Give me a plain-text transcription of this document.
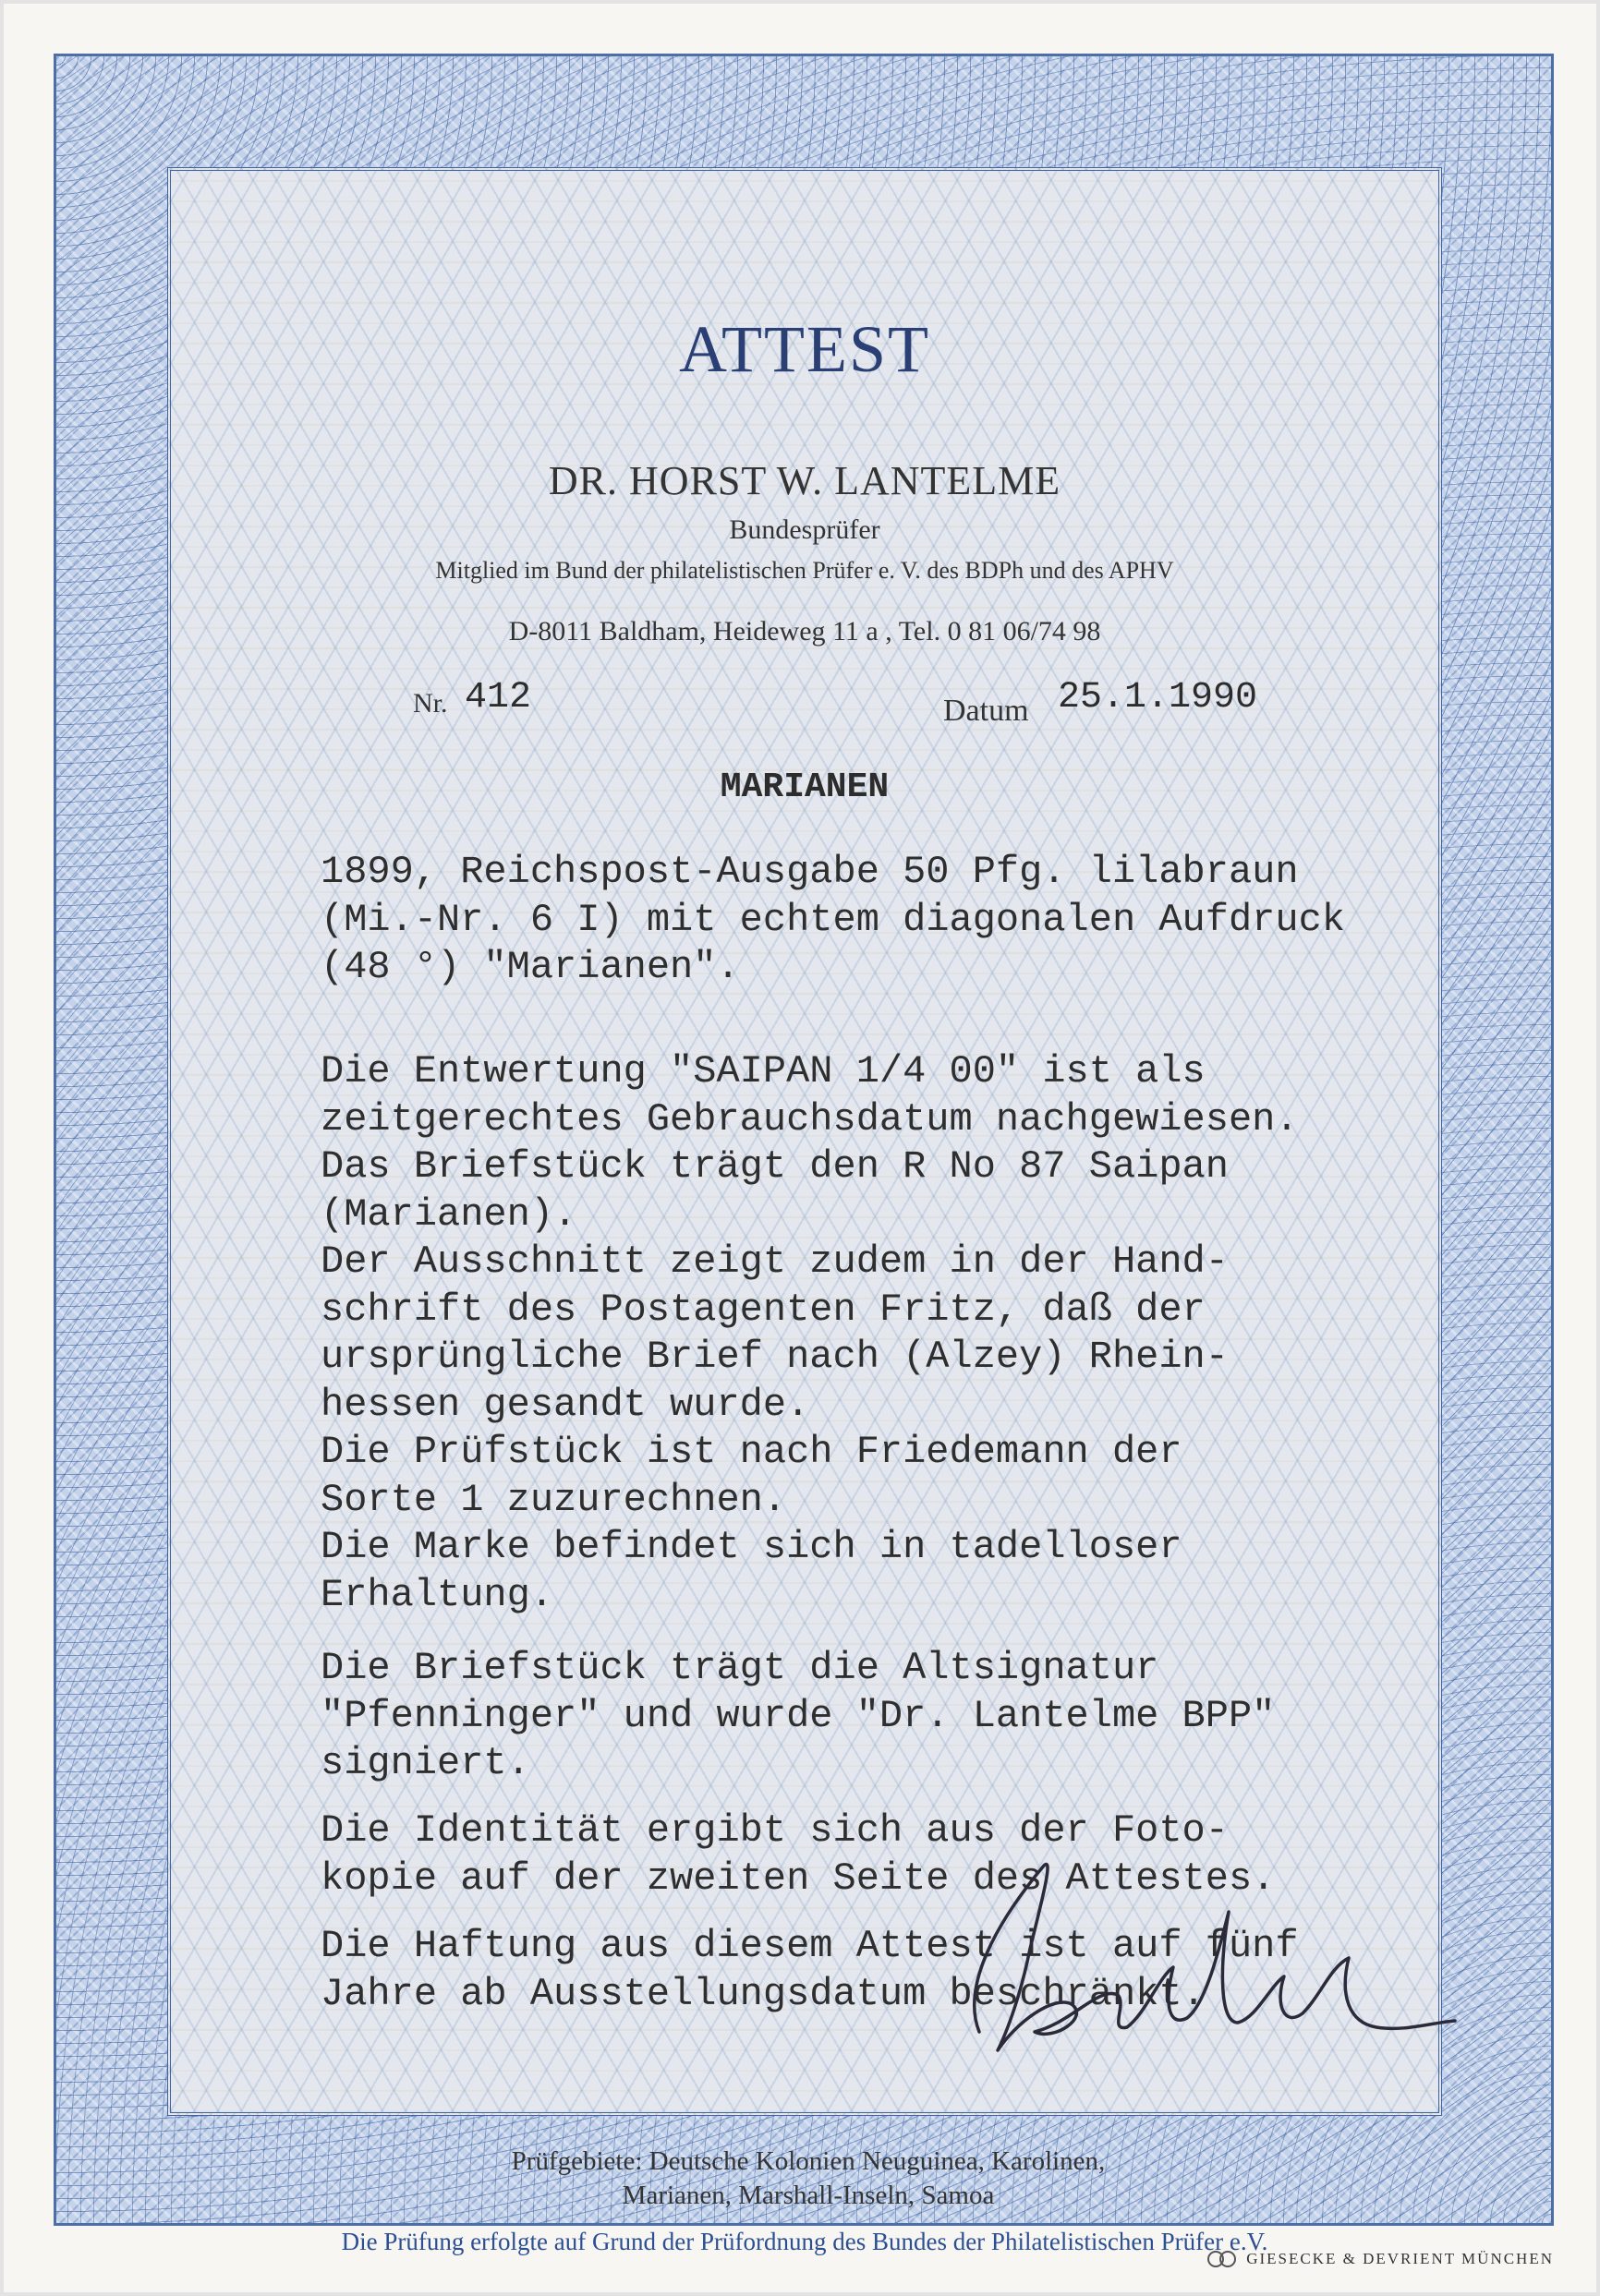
ATTEST
DR. HORST W. LANTELME
Bundesprüfer
Mitglied im Bund der philatelistischen Prüfer e. V. des BDPh und des APHV
D-8011 Baldham, Heideweg 11 a , Tel. 0 81 06/74 98
Nr. 412	Datum 25.1.1990
MARIANEN
1899, Reichspost-Ausgabe 50 Pfg. lilabraun
(Mi.-Nr. 6 I) mit echtem diagonalen Aufdruck
(48 °) "Marianen".
Die Entwertung "SAIPAN 1/4 00" ist als
zeitgerechtes Gebrauchsdatum nachgewiesen.
Das Briefstück trägt den R No 87 Saipan
(Marianen).
Der Ausschnitt zeigt zudem in der Hand-
schrift des Postagenten Fritz, daß der
ursprüngliche Brief nach (Alzey) Rhein-
hessen gesandt wurde.
Die Prüfstück ist nach Friedemann der
Sorte 1 zuzurechnen.
Die Marke befindet sich in tadelloser
Erhaltung.
Die Briefstück trägt die Altsignatur
"Pfenninger" und wurde "Dr. Lantelme BPP"
signiert.
Die Identität ergibt sich aus der Foto-
kopie auf der zweiten Seite des Attestes.
Die Haftung aus diesem Attest ist auf fünf
Jahre ab Ausstellungsdatum beschränkt.
Prüfgebiete: Deutsche Kolonien Neuguinea, Karolinen,
Marianen, Marshall-Inseln, Samoa
Die Prüfung erfolgte auf Grund der Prüfordnung des Bundes der Philatelistischen Prüfer e.V.
GIESECKE & DEVRIENT MÜNCHEN
